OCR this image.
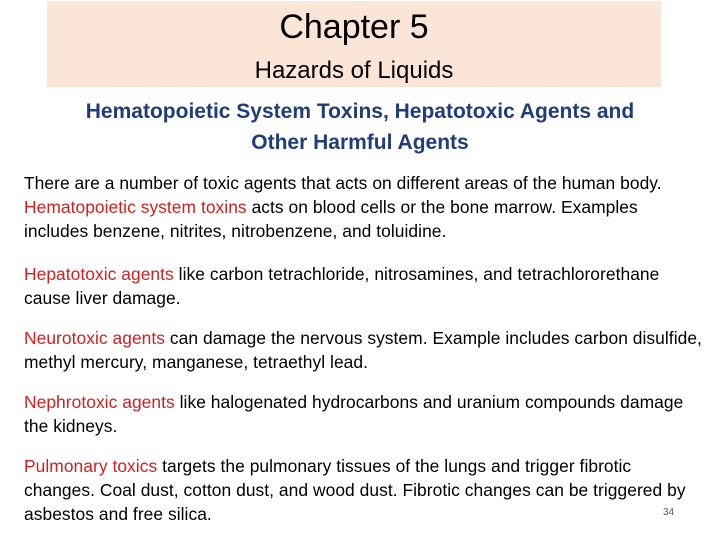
Chapter 5
Hazards of Liquids
Hematopoietic System Toxins, Hepatotoxic Agents and
Other Harmful Agents
There are a number of toxic agents that acts on different areas of the human body. Hematopoietic system toxins acts on blood cells or the bone marrow. Examples includes benzene, nitrites, nitrobenzene, and toluidine.
Hepatotoxic agents like carbon tetrachloride, nitrosamines, and tetrachlororethane cause liver damage.
Neurotoxic agents can damage the nervous system. Example includes carbon disulfide, methyl mercury, manganese, tetraethyl lead.
Nephrotoxic agents like halogenated hydrocarbons and uranium compounds damage the kidneys.
Pulmonary toxics targets the pulmonary tissues of the lungs and trigger fibrotic changes. Coal dust, cotton dust, and wood dust. Fibrotic changes can be triggered by asbestos and free silica.	34
